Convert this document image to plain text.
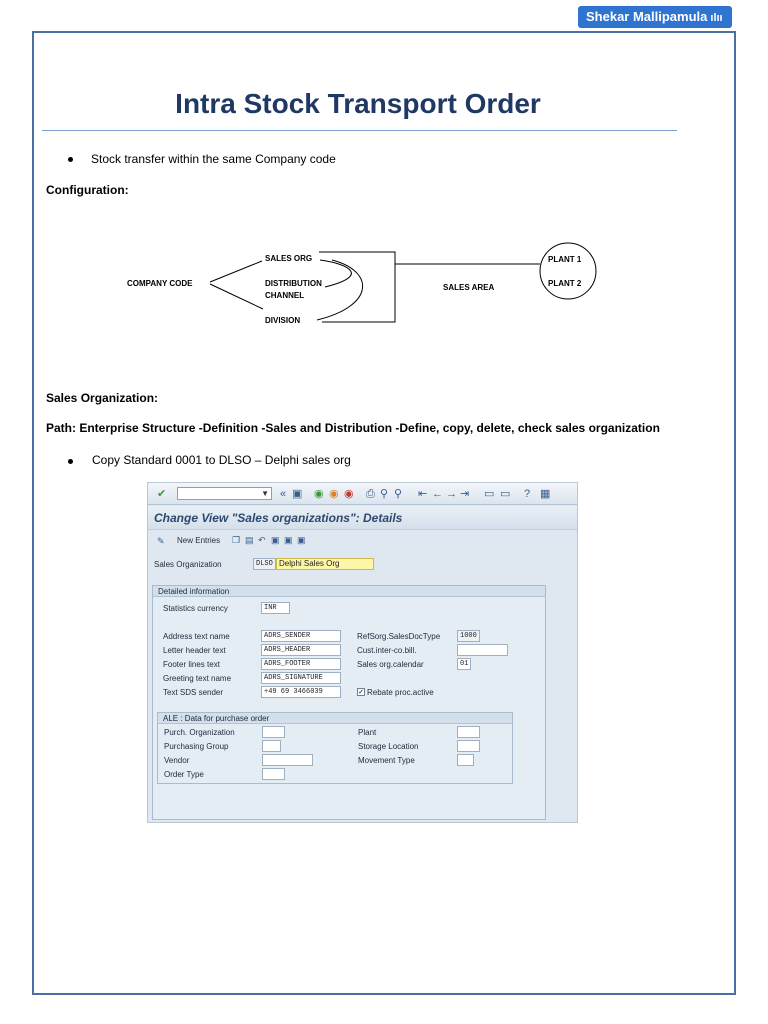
Shekar Mallipamula ılıı
Intra Stock Transport Order
Stock transfer within the same Company code
Configuration:
COMPANY CODE
SALES ORG
DISTRIBUTION
CHANNEL
DIVISION
SALES AREA
PLANT 1
PLANT 2
Sales Organization:
Path: Enterprise Structure -Definition -Sales and Distribution -Define, copy, delete, check sales organization
Copy Standard 0001 to DLSO – Delphi sales org
✔	▼ « ▣ ◉ ◉ ◉ ⎙ ⚲ ⚲ ⇤ ← → ⇥ ▭ ▭ ? ▦
Change View "Sales organizations": Details
✎ New Entries ❐ ▤ ↶ ▣ ▣ ▣
Sales Organization	DLSO Delphi Sales Org
Detailed information
Statistics currency	INR
Address text name	ADRS_SENDER	RefSorg.SalesDocType	1000
Letter header text	ADRS_HEADER	Cust.inter-co.bill.
Footer lines text	ADRS_FOOTER	Sales org.calendar	01
Greeting text name	ADRS_SIGNATURE
Text SDS sender	+49 69 3466039	✓ Rebate proc.active
ALE : Data for purchase order
Purch. Organization	Plant
Purchasing Group	Storage Location
Vendor	Movement Type
Order Type
